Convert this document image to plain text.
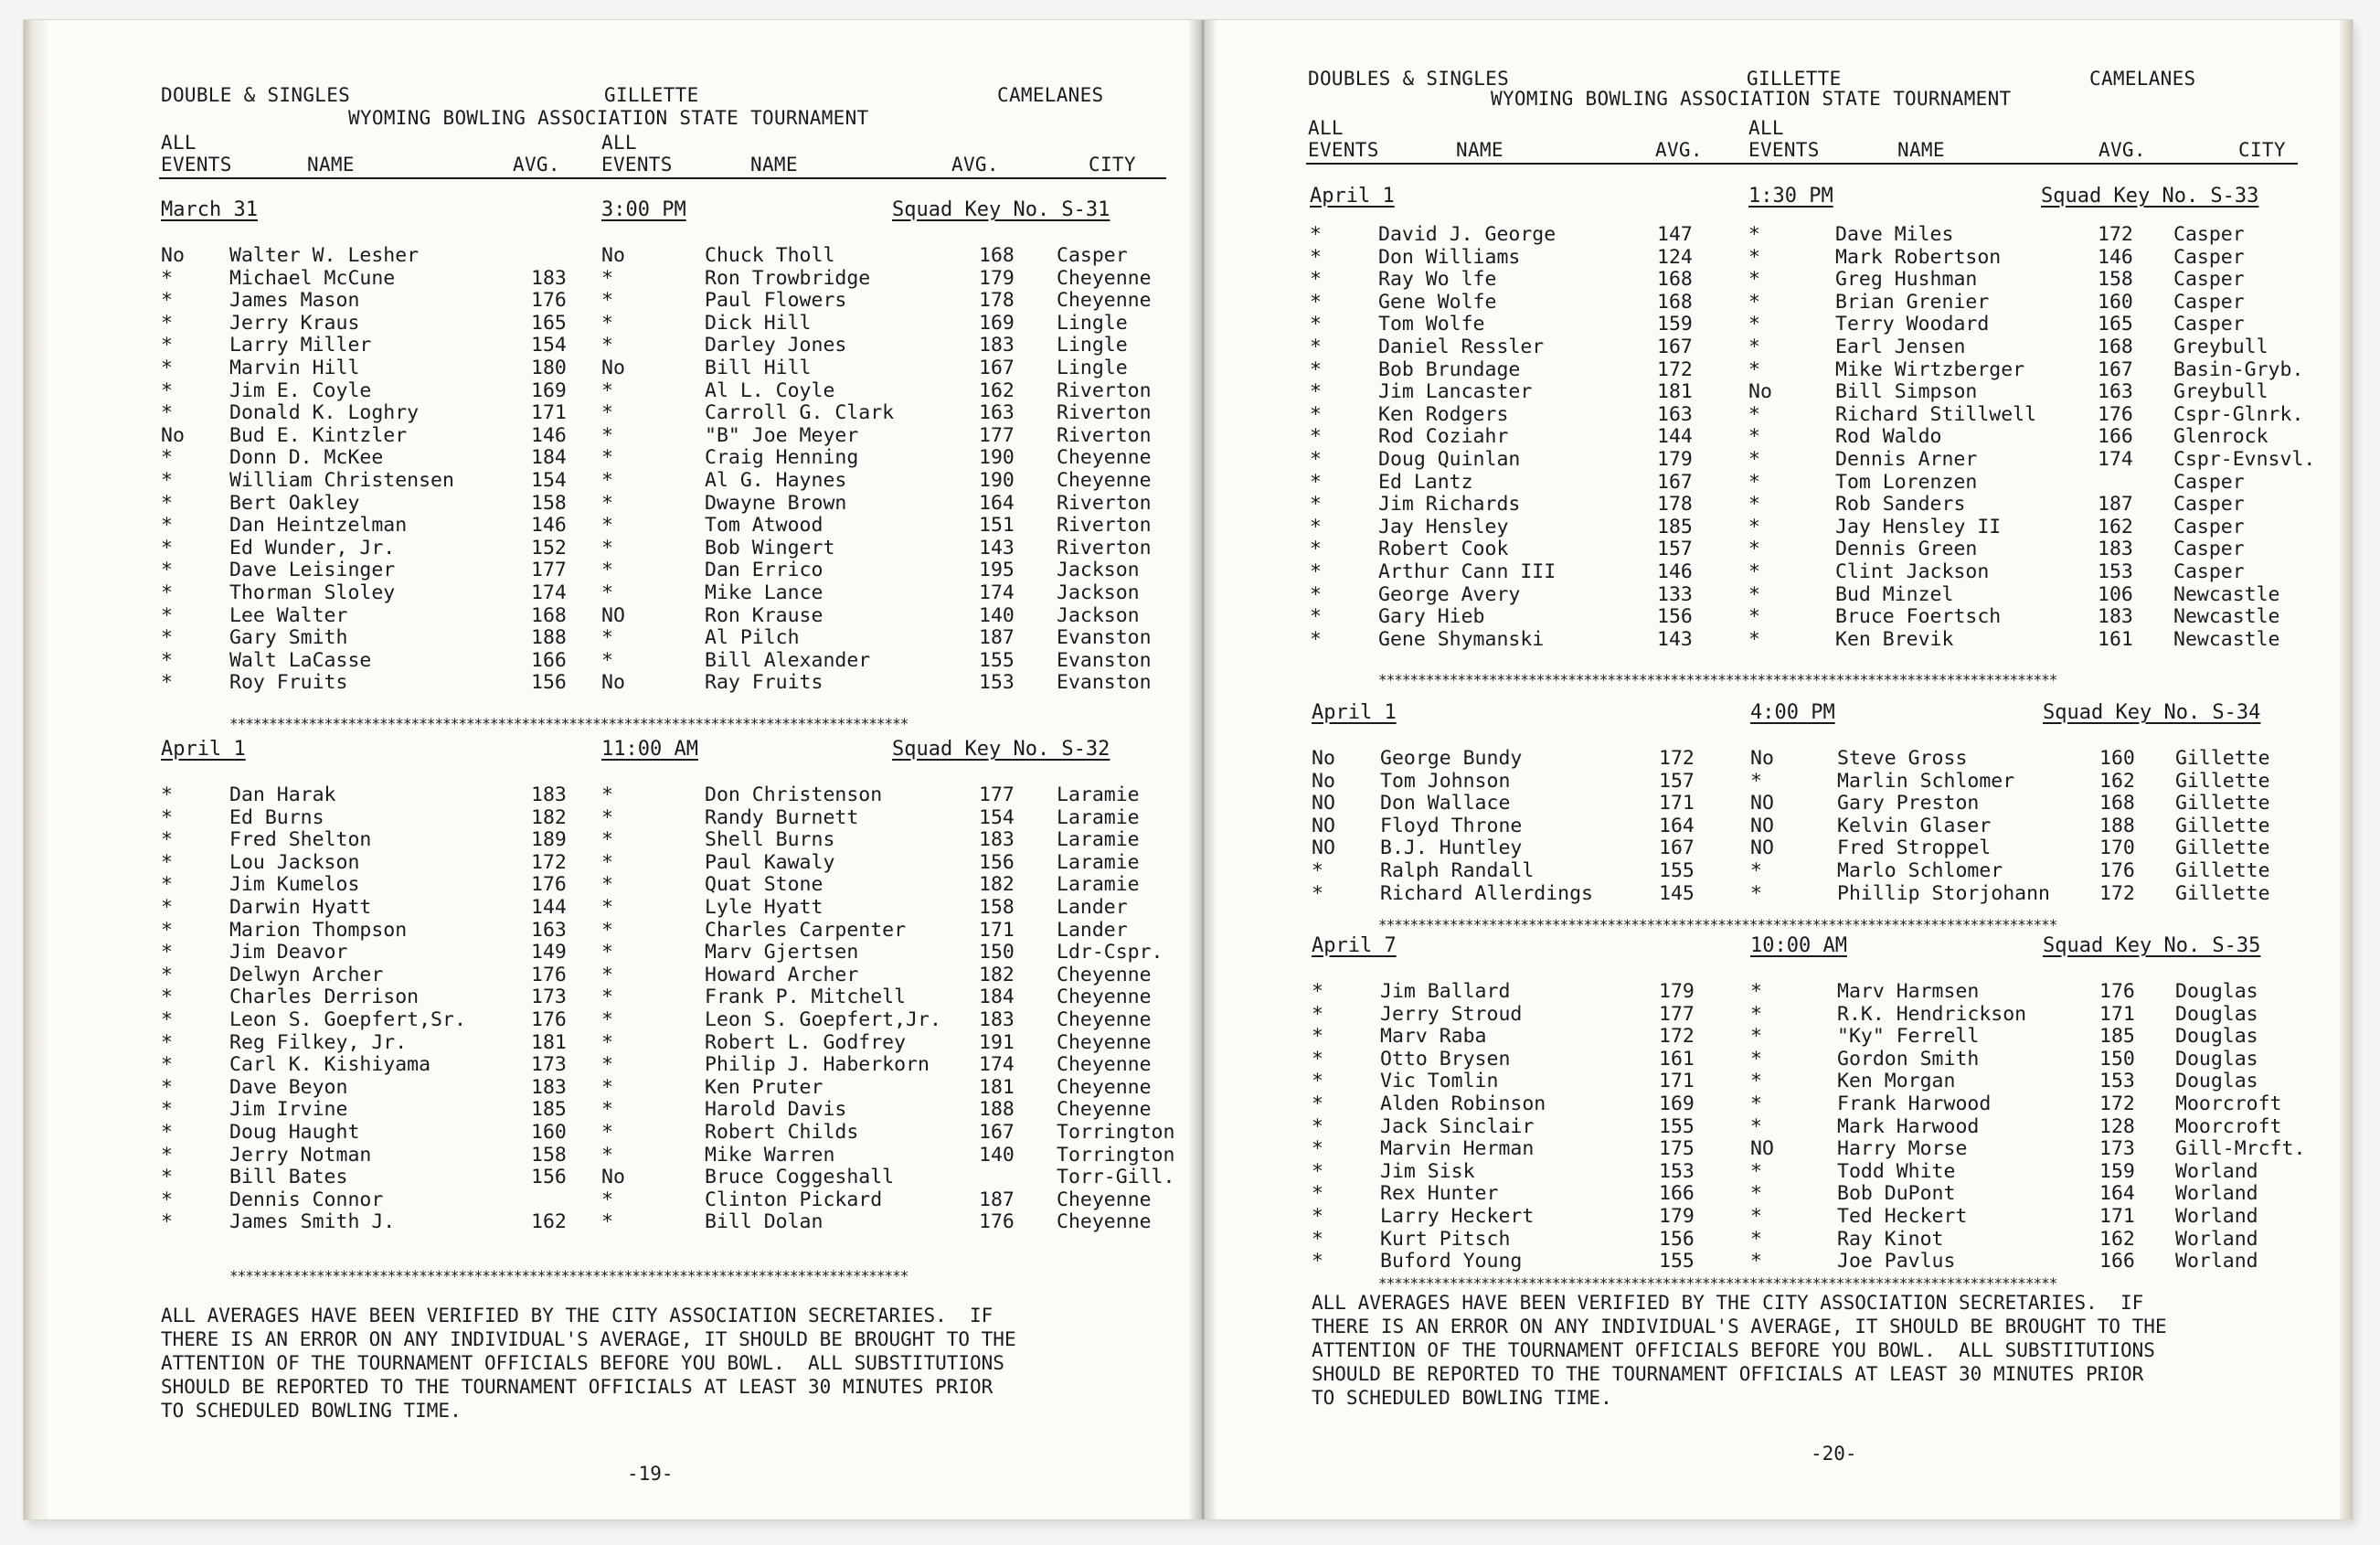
DOUBLE & SINGLES	GILLETTE	CAMELANES
WYOMING BOWLING ASSOCIATION STATE TOURNAMENT
ALL
EVENTS	NAME	AVG.
ALL
EVENTS	NAME	AVG.	CITY
March 31	3:00 PM	Squad Key No. S-31
No Walter W. Lesher	No	Chuck Tholl	168 Casper
*	Michael McCune	183 *	Ron Trowbridge	179 Cheyenne
*	James Mason	176 *	Paul Flowers	178 Cheyenne
*	Jerry Kraus	165 *	Dick Hill	169 Lingle
*	Larry Miller	154 *	Darley Jones	183 Lingle
*	Marvin Hill	180 No	Bill Hill	167 Lingle
*	Jim E. Coyle	169 *	Al L. Coyle	162 Riverton
*	Donald K. Loghry	171 *	Carroll G. Clark	163 Riverton
No Bud E. Kintzler	146 *	"B" Joe Meyer	177 Riverton
*	Donn D. McKee	184 *	Craig Henning	190 Cheyenne
*	William Christensen	154 *	Al G. Haynes	190 Cheyenne
*	Bert Oakley	158 *	Dwayne Brown	164 Riverton
*	Dan Heintzelman	146 *	Tom Atwood	151 Riverton
*	Ed Wunder, Jr.	152 *	Bob Wingert	143 Riverton
*	Dave Leisinger	177 *	Dan Errico	195 Jackson
*	Thorman Sloley	174 *	Mike Lance	174 Jackson
*	Lee Walter	168 NO	Ron Krause	140 Jackson
*	Gary Smith	188 *	Al Pilch	187 Evanston
*	Walt LaCasse	166 *	Bill Alexander	155 Evanston
*	Roy Fruits	156 No	Ray Fruits	153 Evanston
**************************************************************************************
April 1	11:00 AM	Squad Key No. S-32
*	Dan Harak	183 *	Don Christenson	177 Laramie
*	Ed Burns	182 *	Randy Burnett	154 Laramie
*	Fred Shelton	189 *	Shell Burns	183 Laramie
*	Lou Jackson	172 *	Paul Kawaly	156 Laramie
*	Jim Kumelos	176 *	Quat Stone	182 Laramie
*	Darwin Hyatt	144 *	Lyle Hyatt	158 Lander
*	Marion Thompson	163 *	Charles Carpenter	171 Lander
*	Jim Deavor	149 *	Marv Gjertsen	150 Ldr-Cspr.
*	Delwyn Archer	176 *	Howard Archer	182 Cheyenne
*	Charles Derrison	173 *	Frank P. Mitchell	184 Cheyenne
*	Leon S. Goepfert,Sr.	176 *	Leon S. Goepfert,Jr. 183 Cheyenne
*	Reg Filkey, Jr.	181 *	Robert L. Godfrey	191 Cheyenne
*	Carl K. Kishiyama	173 *	Philip J. Haberkorn	174 Cheyenne
*	Dave Beyon	183 *	Ken Pruter	181 Cheyenne
*	Jim Irvine	185 *	Harold Davis	188 Cheyenne
*	Doug Haught	160 *	Robert Childs	167 Torrington
*	Jerry Notman	158 *	Mike Warren	140 Torrington
*	Bill Bates	156 No	Bruce Coggeshall	Torr-Gill.
*	Dennis Connor	*	Clinton Pickard	187 Cheyenne
*	James Smith J.	162 *	Bill Dolan	176 Cheyenne
**************************************************************************************
ALL AVERAGES HAVE BEEN VERIFIED BY THE CITY ASSOCIATION SECRETARIES.  IF
THERE IS AN ERROR ON ANY INDIVIDUAL'S AVERAGE, IT SHOULD BE BROUGHT TO THE
ATTENTION OF THE TOURNAMENT OFFICIALS BEFORE YOU BOWL.  ALL SUBSTITUTIONS
SHOULD BE REPORTED TO THE TOURNAMENT OFFICIALS AT LEAST 30 MINUTES PRIOR
TO SCHEDULED BOWLING TIME.
-19-
DOUBLES & SINGLES	GILLETTE	CAMELANES
WYOMING BOWLING ASSOCIATION STATE TOURNAMENT
ALL
EVENTS	NAME	AVG.
ALL
EVENTS	NAME	AVG.	CITY
April 1	1:30 PM	Squad Key No. S-33
*	David J. George	147	*	Dave Miles	172 Casper
*	Don Williams	124	*	Mark Robertson	146 Casper
*	Ray Wo lfe	168	*	Greg Hushman	158 Casper
*	Gene Wolfe	168	*	Brian Grenier	160 Casper
*	Tom Wolfe	159	*	Terry Woodard	165 Casper
*	Daniel Ressler	167	*	Earl Jensen	168 Greybull
*	Bob Brundage	172	*	Mike Wirtzberger	167 Basin-Gryb.
*	Jim Lancaster	181	No	Bill Simpson	163 Greybull
*	Ken Rodgers	163	*	Richard Stillwell	176 Cspr-Glnrk.
*	Rod Coziahr	144	*	Rod Waldo	166 Glenrock
*	Doug Quinlan	179	*	Dennis Arner	174 Cspr-Evnsvl.
*	Ed Lantz	167	*	Tom Lorenzen	Casper
*	Jim Richards	178	*	Rob Sanders	187 Casper
*	Jay Hensley	185	*	Jay Hensley II	162 Casper
*	Robert Cook	157	*	Dennis Green	183 Casper
*	Arthur Cann III	146	*	Clint Jackson	153 Casper
*	George Avery	133	*	Bud Minzel	106 Newcastle
*	Gary Hieb	156	*	Bruce Foertsch	183 Newcastle
*	Gene Shymanski	143	*	Ken Brevik	161 Newcastle
**************************************************************************************
April 1	4:00 PM	Squad Key No. S-34
No George Bundy	172	No	Steve Gross	160 Gillette
No Tom Johnson	157	*	Marlin Schlomer	162 Gillette
NO Don Wallace	171	NO	Gary Preston	168 Gillette
NO Floyd Throne	164	NO	Kelvin Glaser	188 Gillette
NO B.J. Huntley	167	NO	Fred Stroppel	170 Gillette
*	Ralph Randall	155	*	Marlo Schlomer	176 Gillette
*	Richard Allerdings	145	*	Phillip Storjohann	172 Gillette
**************************************************************************************
April 7	10:00 AM	Squad Key No. S-35
*	Jim Ballard	179	*	Marv Harmsen	176 Douglas
*	Jerry Stroud	177	*	R.K. Hendrickson	171 Douglas
*	Marv Raba	172	*	"Ky" Ferrell	185 Douglas
*	Otto Brysen	161	*	Gordon Smith	150 Douglas
*	Vic Tomlin	171	*	Ken Morgan	153 Douglas
*	Alden Robinson	169	*	Frank Harwood	172 Moorcroft
*	Jack Sinclair	155	*	Mark Harwood	128 Moorcroft
*	Marvin Herman	175	NO	Harry Morse	173 Gill-Mrcft.
*	Jim Sisk	153	*	Todd White	159 Worland
*	Rex Hunter	166	*	Bob DuPont	164 Worland
*	Larry Heckert	179	*	Ted Heckert	171 Worland
*	Kurt Pitsch	156	*	Ray Kinot	162 Worland
*	Buford Young	155	*	Joe Pavlus	166 Worland
**************************************************************************************
ALL AVERAGES HAVE BEEN VERIFIED BY THE CITY ASSOCIATION SECRETARIES.  IF
THERE IS AN ERROR ON ANY INDIVIDUAL'S AVERAGE, IT SHOULD BE BROUGHT TO THE
ATTENTION OF THE TOURNAMENT OFFICIALS BEFORE YOU BOWL.  ALL SUBSTITUTIONS
SHOULD BE REPORTED TO THE TOURNAMENT OFFICIALS AT LEAST 30 MINUTES PRIOR
TO SCHEDULED BOWLING TIME.
-20-
